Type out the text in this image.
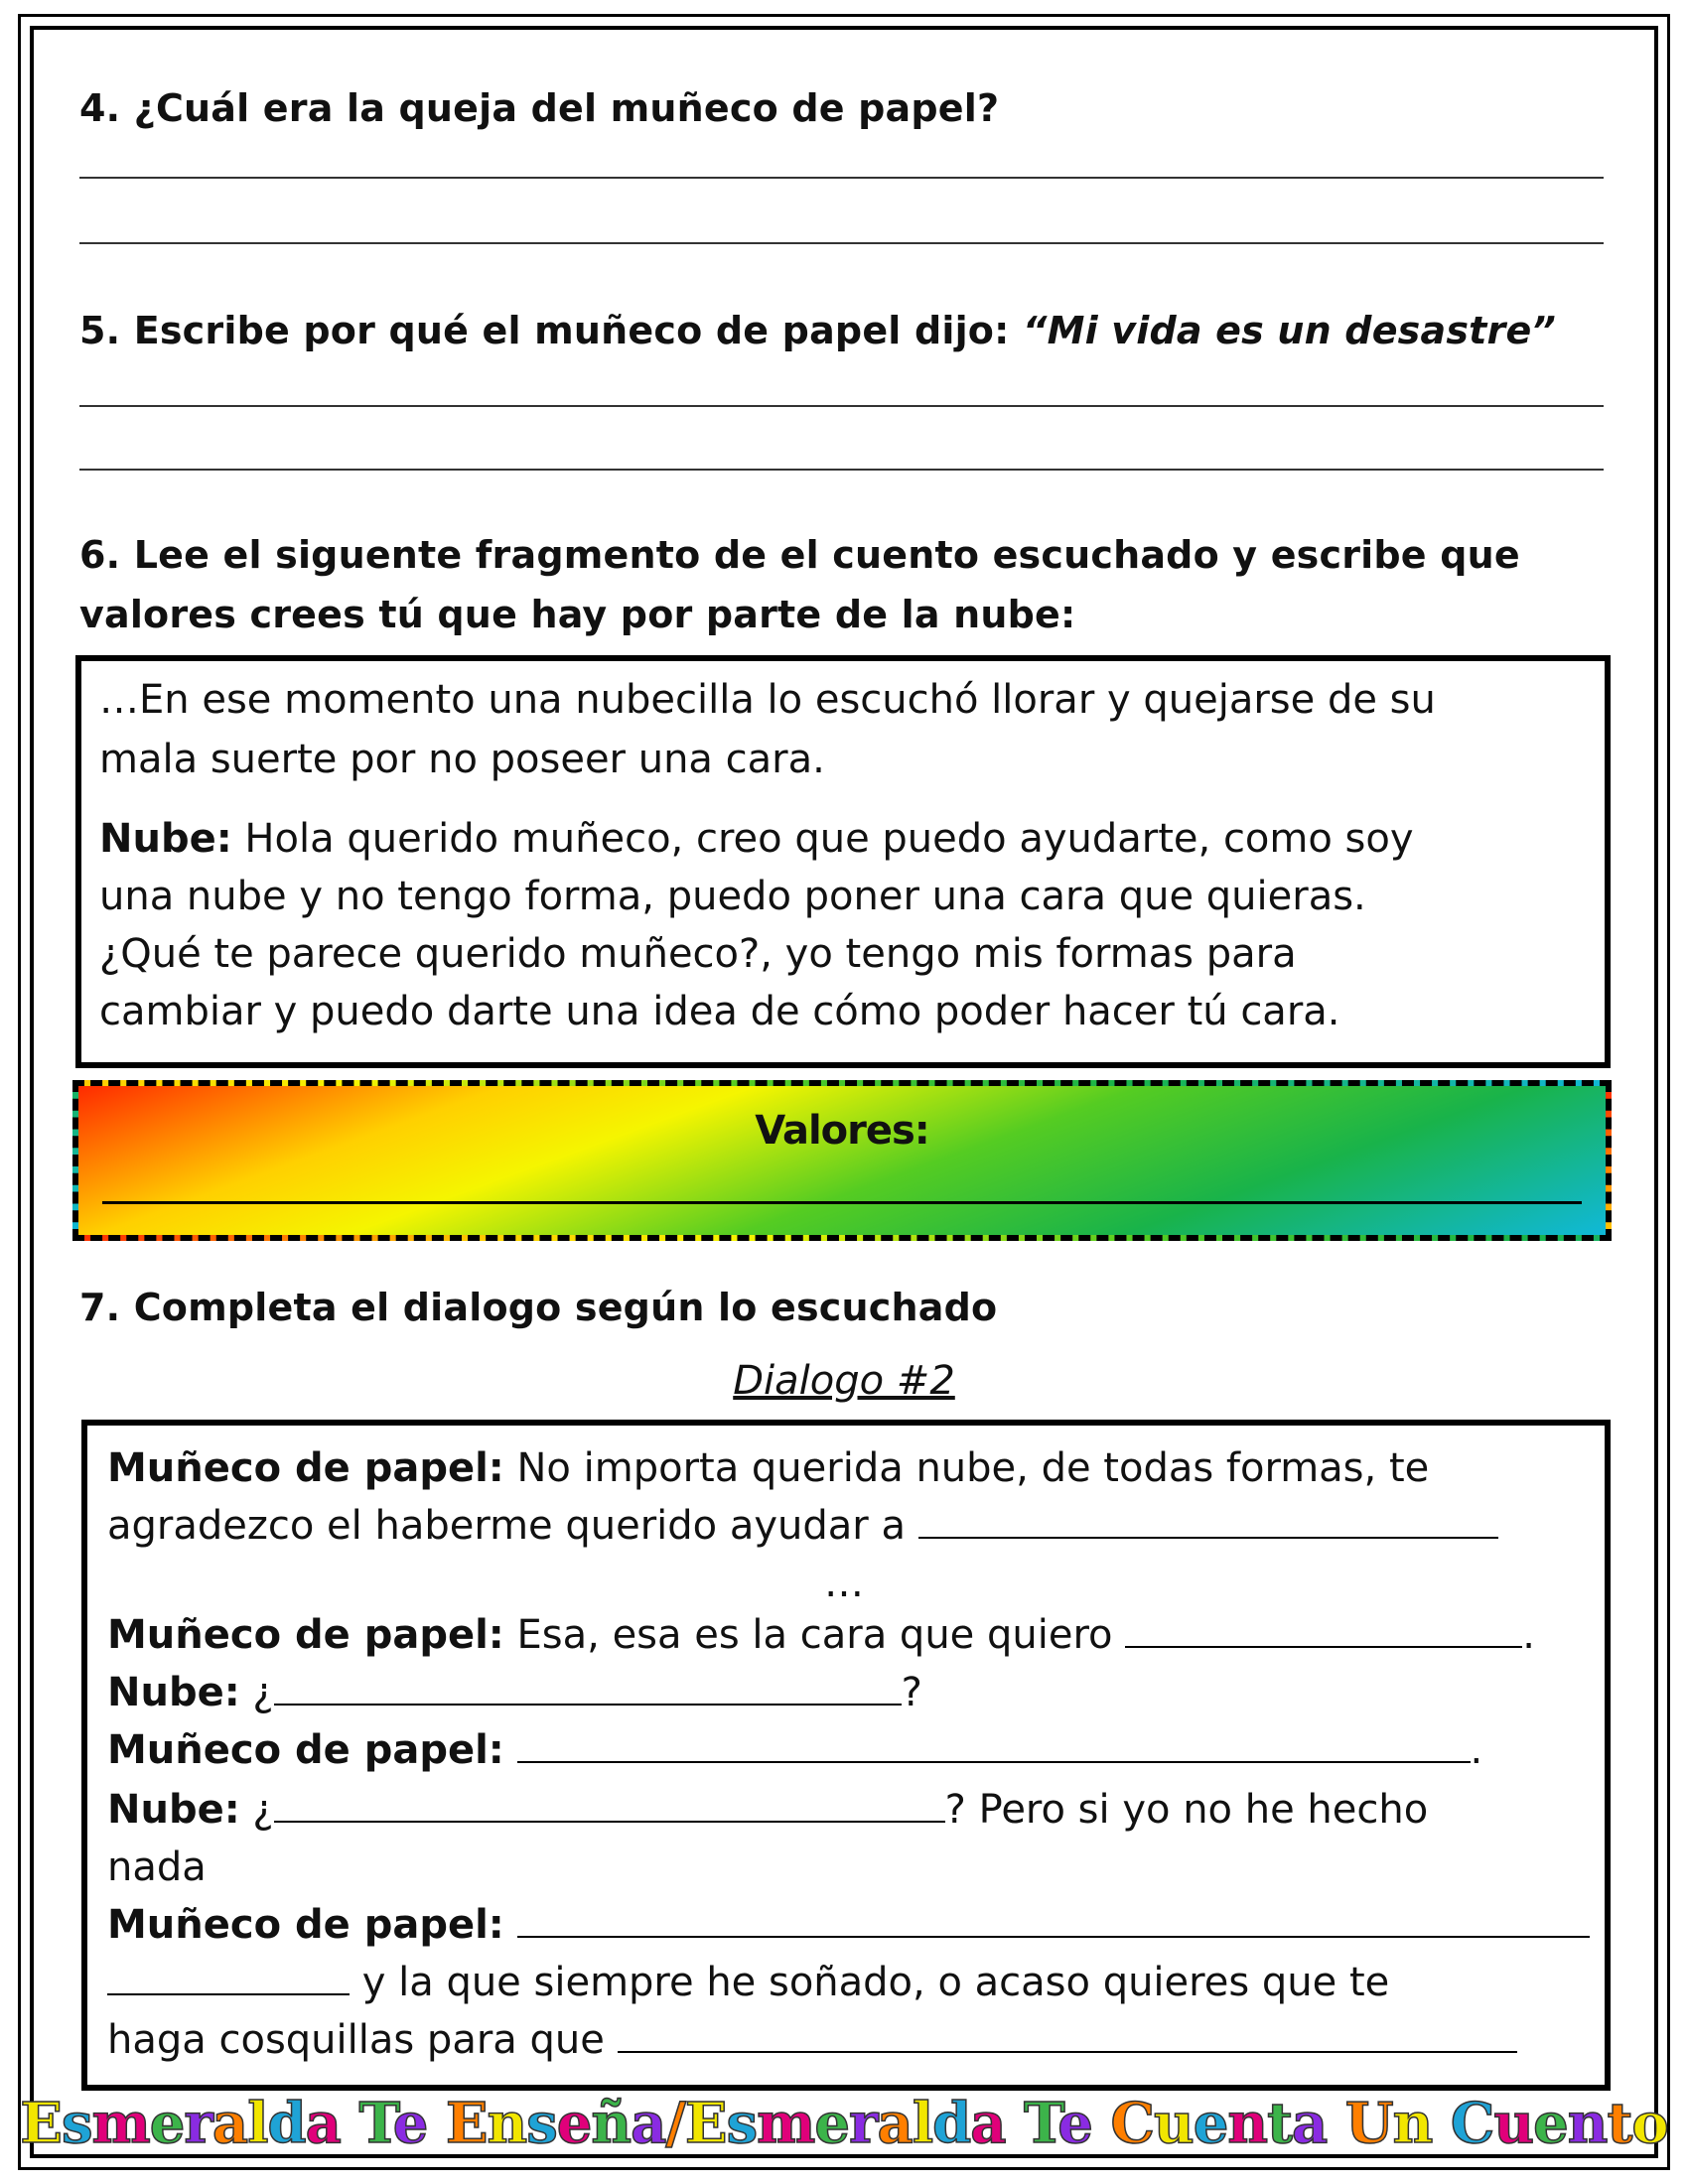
4. ¿Cuál era la queja del muñeco de papel?
5. Escribe por qué el muñeco de papel dijo: “Mi vida es un desastre”
6. Lee el siguente fragmento de el cuento escuchado y escribe que
valores crees tú que hay por parte de la nube:
…En ese momento una nubecilla lo escuchó llorar y quejarse de su
mala suerte por no poseer una cara.
Nube: Hola querido muñeco, creo que puedo ayudarte, como soy
una nube y no tengo forma, puedo poner una cara que quieras.
¿Qué te parece querido muñeco?, yo tengo mis formas para
cambiar y puedo darte una idea de cómo poder hacer tú cara.
Valores:
7. Completa el dialogo según lo escuchado
Dialogo #2
Muñeco de papel: No importa querida nube, de todas formas, te
agradezco el haberme querido ayudar a
…
Muñeco de papel: Esa, esa es la cara que quiero	.
Nube: ¿	?
Muñeco de papel:	.
Nube: ¿	? Pero si yo no he hecho
nada
Muñeco de papel:
y la que siempre he soñado, o acaso quieres que te
haga cosquillas para que
Esmeralda Te Enseña/Esmeralda Te Cuenta Un Cuento
